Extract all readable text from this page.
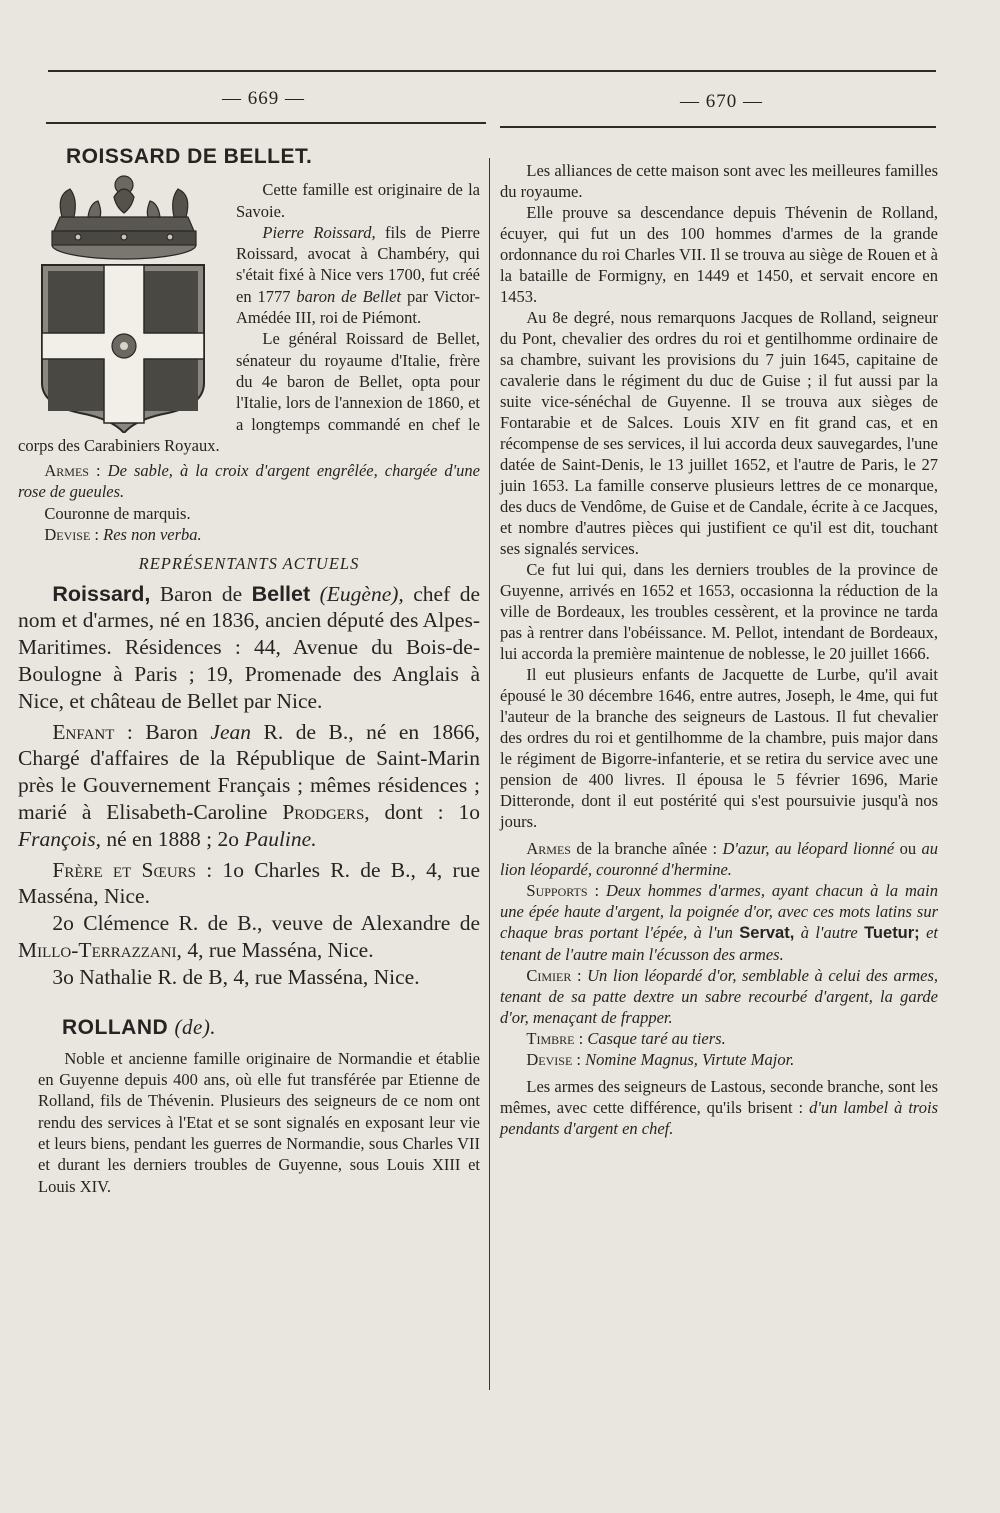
— 669 —	— 670 —
ROISSARD DE BELLET.

Cette famille est originaire de la Savoie.

Pierre Roissard, fils de Pierre Roissard, avocat à Chambéry, qui s'était fixé à Nice vers 1700, fut créé en 1777 baron de Bellet par Victor-Amédée III, roi de Piémont.

Le général Roissard de Bellet, sénateur du royaume d'Italie, frère du 4e baron de Bellet, opta pour l'Italie, lors de l'annexion de 1860, et a longtemps commandé en chef le corps des Carabiniers Royaux.

Armes : De sable, à la croix d'argent engrêlée, chargée d'une rose de gueules.

Couronne de marquis.

Devise : Res non verba.

REPRÉSENTANTS ACTUELS

Roissard, Baron de Bellet (Eugène), chef de nom et d'armes, né en 1836, ancien député des Alpes-Maritimes. Résidences : 44, Avenue du Bois-de-Boulogne à Paris ; 19, Promenade des Anglais à Nice, et château de Bellet par Nice.

Enfant : Baron Jean R. de B., né en 1866, Chargé d'affaires de la République de Saint-Marin près le Gouvernement Français ; mêmes résidences ; marié à Elisabeth-Caroline Prodgers, dont : 1o François, né en 1888 ; 2o Pauline.

Frère et Sœurs : 1o Charles R. de B., 4, rue Masséna, Nice.

2o Clémence R. de B., veuve de Alexandre de Millo-Terrazzani, 4, rue Masséna, Nice.

3o Nathalie R. de B, 4, rue Masséna, Nice.

ROLLAND (de).

Noble et ancienne famille originaire de Normandie et établie en Guyenne depuis 400 ans, où elle fut transférée par Etienne de Rolland, fils de Thévenin. Plusieurs des seigneurs de ce nom ont rendu des services à l'Etat et se sont signalés en exposant leur vie et leurs biens, pendant les guerres de Normandie, sous Charles VII et durant les derniers troubles de Guyenne, sous Louis XIII et Louis XIV.

Les alliances de cette maison sont avec les meilleures familles du royaume.

Elle prouve sa descendance depuis Thévenin de Rolland, écuyer, qui fut un des 100 hommes d'armes de la grande ordonnance du roi Charles VII. Il se trouva au siège de Rouen et à la bataille de Formigny, en 1449 et 1450, et servait encore en 1453.

Au 8e degré, nous remarquons Jacques de Rolland, seigneur du Pont, chevalier des ordres du roi et gentilhomme ordinaire de sa chambre, suivant les provisions du 7 juin 1645, capitaine de cavalerie dans le régiment du duc de Guise ; il fut aussi par la suite vice-sénéchal de Guyenne. Il se trouva aux sièges de Fontarabie et de Salces. Louis XIV en fit grand cas, et en récompense de ses services, il lui accorda deux sauvegardes, l'une datée de Saint-Denis, le 13 juillet 1652, et l'autre de Paris, le 27 juin 1653. La famille conserve plusieurs lettres de ce monarque, des ducs de Vendôme, de Guise et de Candale, écrite à ce Jacques, et nombre d'autres pièces qui justifient ce qu'il est dit, touchant ses signalés services.

Ce fut lui qui, dans les derniers troubles de la province de Guyenne, arrivés en 1652 et 1653, occasionna la réduction de la ville de Bordeaux, les troubles cessèrent, et la province ne tarda pas à rentrer dans l'obéissance. M. Pellot, intendant de Bordeaux, lui accorda la première maintenue de noblesse, le 20 juillet 1666.

Il eut plusieurs enfants de Jacquette de Lurbe, qu'il avait épousé le 30 décembre 1646, entre autres, Joseph, le 4me, qui fut l'auteur de la branche des seigneurs de Lastous. Il fut chevalier des ordres du roi et gentilhomme de la chambre, puis major dans le régiment de Bigorre-infanterie, et se retira du service avec une pension de 400 livres. Il épousa le 5 février 1696, Marie Ditteronde, dont il eut postérité qui s'est poursuivie jusqu'à nos jours.

Armes de la branche aînée : D'azur, au léopard lionné ou au lion léopardé, couronné d'hermine.

Supports : Deux hommes d'armes, ayant chacun à la main une épée haute d'argent, la poignée d'or, avec ces mots latins sur chaque bras portant l'épée, à l'un Servat, à l'autre Tuetur; et tenant de l'autre main l'écusson des armes.

Cimier : Un lion léopardé d'or, semblable à celui des armes, tenant de sa patte dextre un sabre recourbé d'argent, la garde d'or, menaçant de frapper.

Timbre : Casque taré au tiers.

Devise : Nomine Magnus, Virtute Major.

Les armes des seigneurs de Lastous, seconde branche, sont les mêmes, avec cette différence, qu'ils brisent : d'un lambel à trois pendants d'argent en chef.
